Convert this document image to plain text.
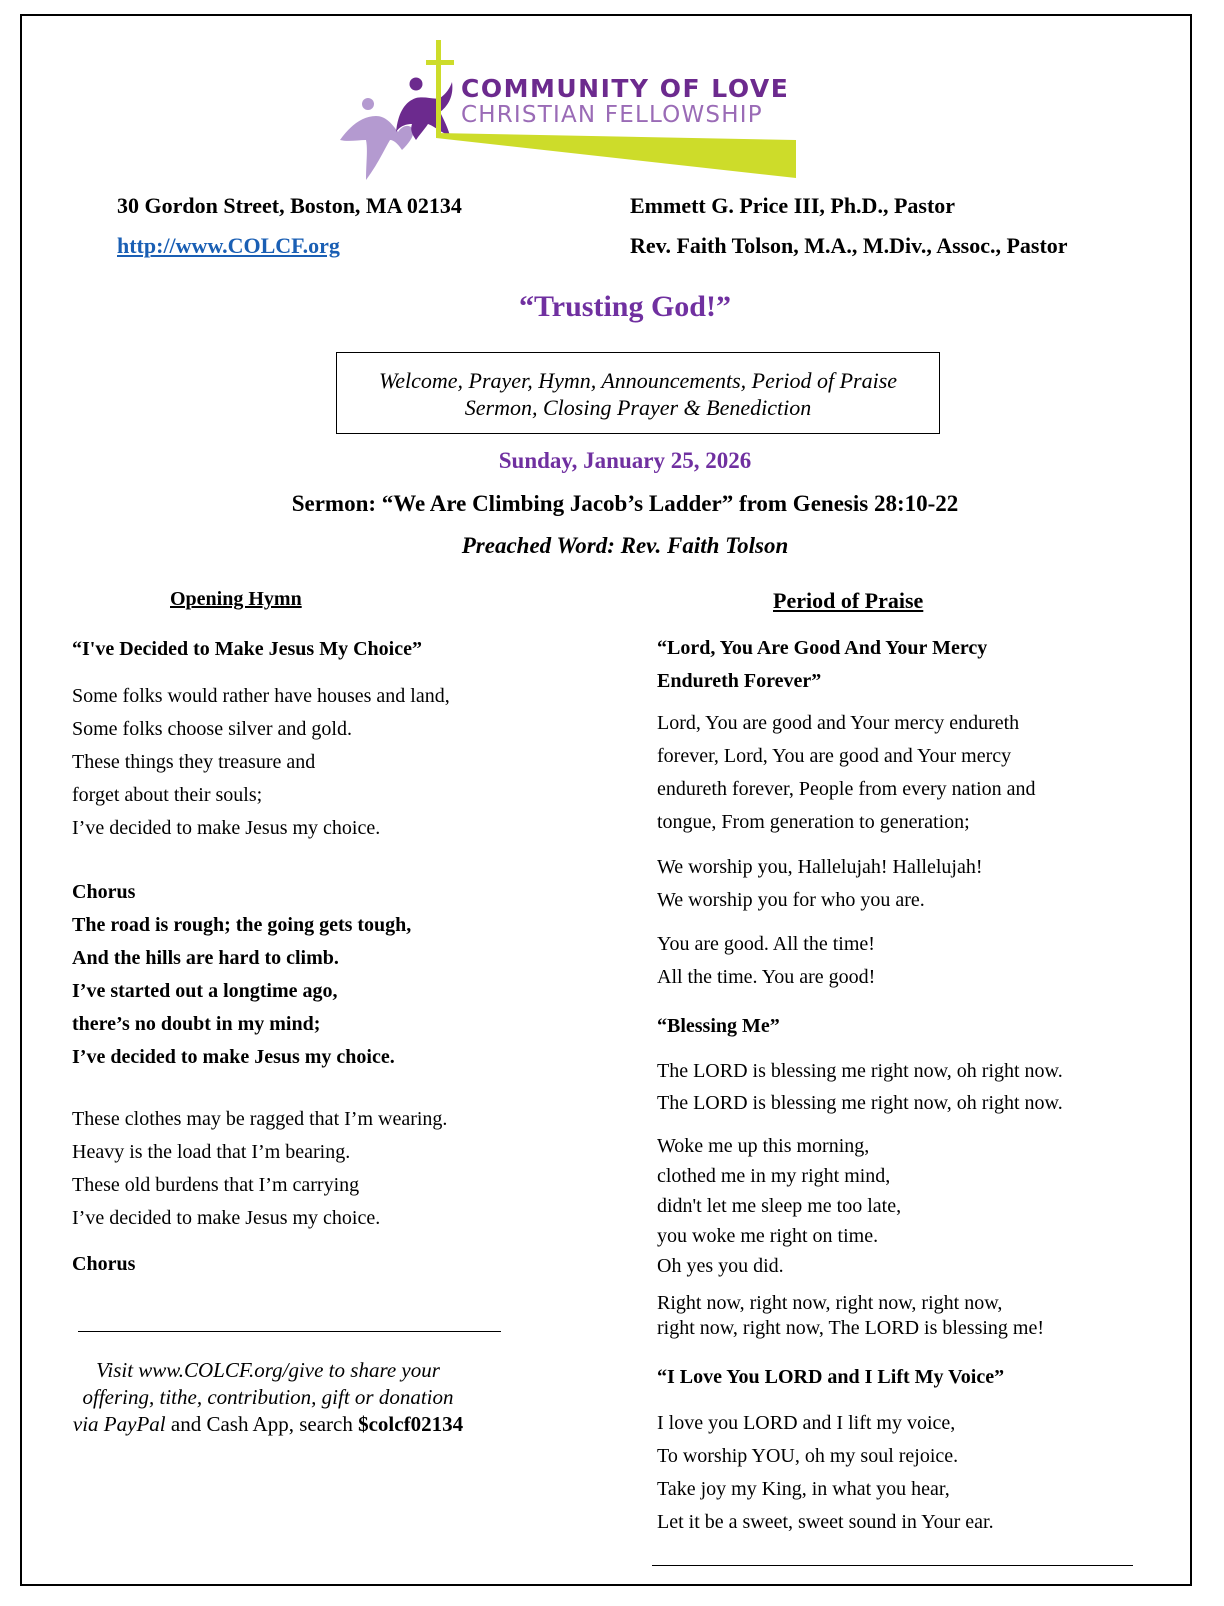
COMMUNITY OF LOVE
CHRISTIAN FELLOWSHIP
30 Gordon Street, Boston, MA 02134
http://www.COLCF.org
Emmett G. Price III, Ph.D., Pastor
Rev. Faith Tolson, M.A., M.Div., Assoc., Pastor
“Trusting God!”
Welcome, Prayer, Hymn, Announcements, Period of Praise
Sermon, Closing Prayer & Benediction
Sunday, January 25, 2026
Sermon: “We Are Climbing Jacob’s Ladder” from Genesis 28:10-22
Preached Word: Rev. Faith Tolson
Opening Hymn
“I've Decided to Make Jesus My Choice”
Some folks would rather have houses and land,
Some folks choose silver and gold.
These things they treasure and
forget about their souls;
I’ve decided to make Jesus my choice.
Chorus
The road is rough; the going gets tough,
And the hills are hard to climb.
I’ve started out a longtime ago,
there’s no doubt in my mind;
I’ve decided to make Jesus my choice.
These clothes may be ragged that I’m wearing.
Heavy is the load that I’m bearing.
These old burdens that I’m carrying
I’ve decided to make Jesus my choice.
Chorus
Visit www.COLCF.org/give to share your
offering, tithe, contribution, gift or donation
via PayPal and Cash App, search $colcf02134
Period of Praise
“Lord, You Are Good And Your Mercy
Endureth Forever”
Lord, You are good and Your mercy endureth
forever, Lord, You are good and Your mercy
endureth forever, People from every nation and
tongue, From generation to generation;
We worship you, Hallelujah! Hallelujah!
We worship you for who you are.
You are good. All the time!
All the time. You are good!
“Blessing Me”
The LORD is blessing me right now, oh right now.
The LORD is blessing me right now, oh right now.
Woke me up this morning,
clothed me in my right mind,
didn't let me sleep me too late,
you woke me right on time.
Oh yes you did.
Right now, right now, right now, right now,
right now, right now, The LORD is blessing me!
“I Love You LORD and I Lift My Voice”
I love you LORD and I lift my voice,
To worship YOU, oh my soul rejoice.
Take joy my King, in what you hear,
Let it be a sweet, sweet sound in Your ear.
